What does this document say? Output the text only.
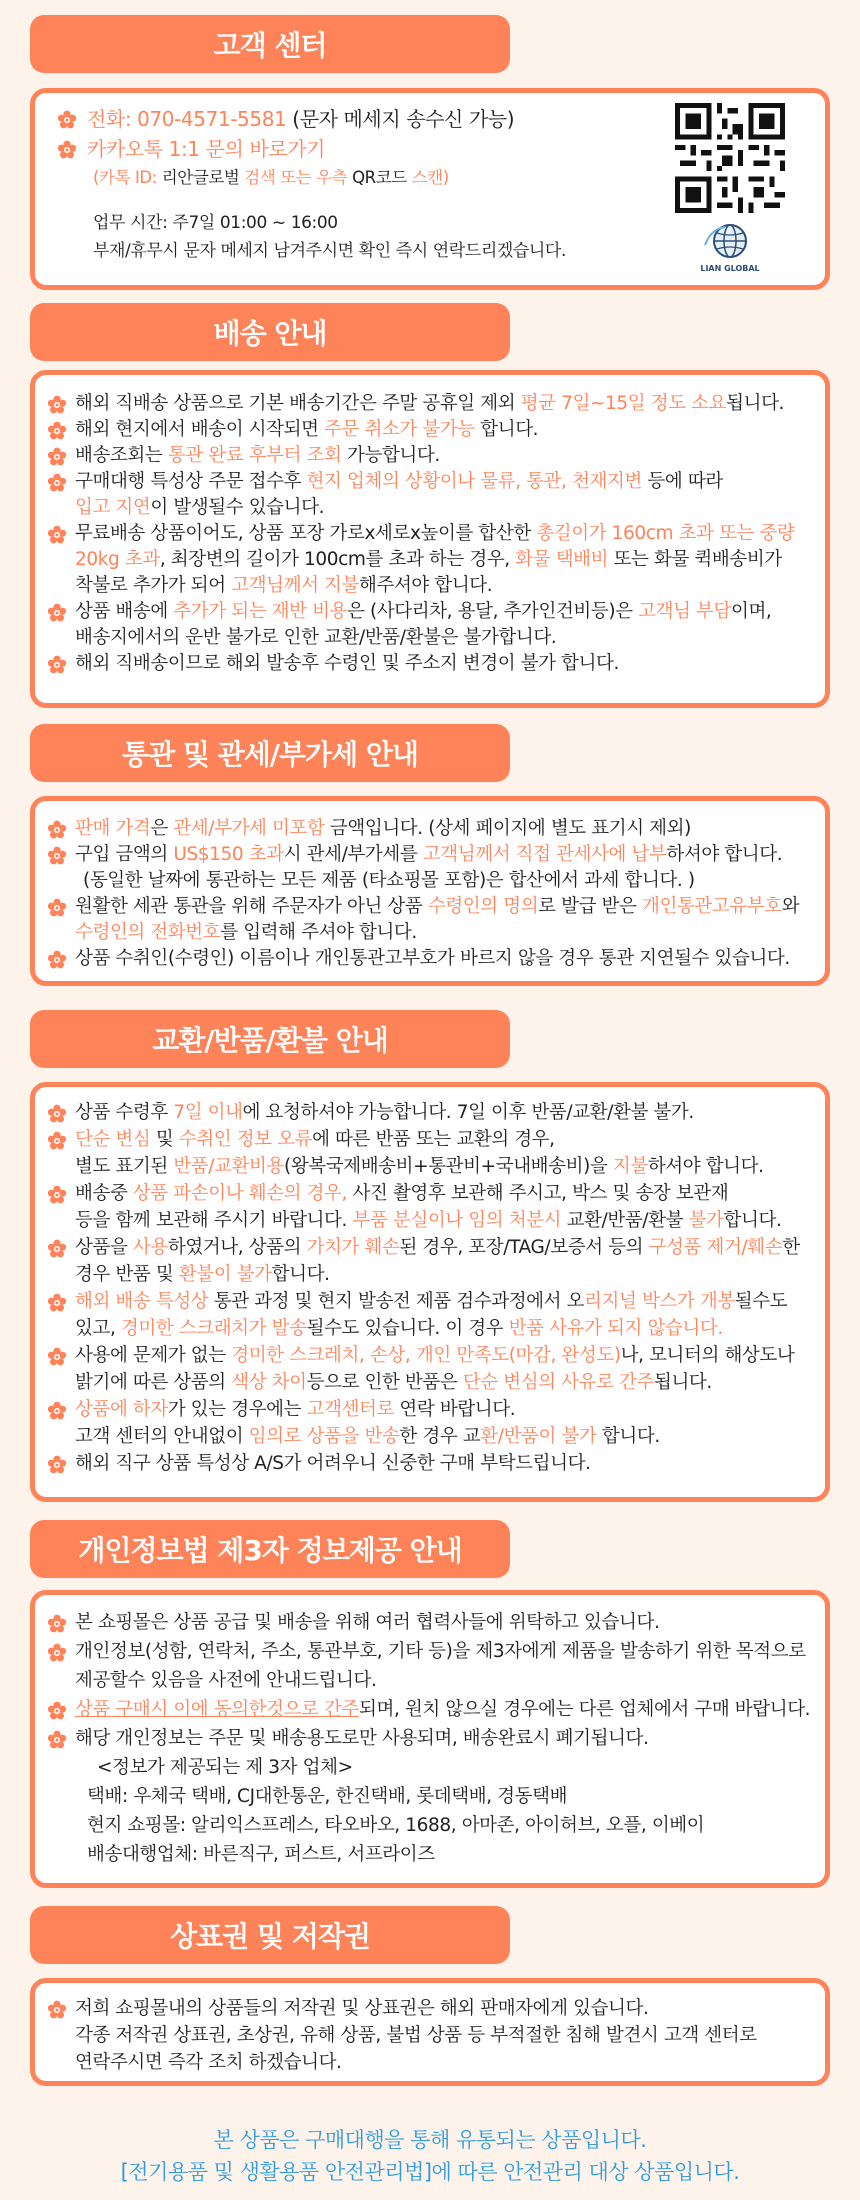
고객 센터
전화: 070-4571-5581 (문자 메세지 송수신 가능)
카카오톡 1:1 문의 바로가기
(카톡 ID: 리안글로벌 검색 또는 우측 QR코드 스캔)
업무 시간: 주7일 01:00 ~ 16:00
부재/휴무시 문자 메세지 남겨주시면 확인 즉시 연락드리겠습니다.
LIAN GLOBAL
배송 안내
해외 직배송 상품으로 기본 배송기간은 주말 공휴일 제외 평균 7일~15일 정도 소요됩니다.
해외 현지에서 배송이 시작되면 주문 취소가 불가능 합니다.
배송조회는 통관 완료 후부터 조회 가능합니다.
구매대행 특성상 주문 접수후 현지 업체의 상황이나 물류, 통관, 천재지변 등에 따라
입고 지연이 발생될수 있습니다.
무료배송 상품이어도, 상품 포장 가로x세로x높이를 합산한 총길이가 160cm 초과 또는 중량
20kg 초과, 최장변의 길이가 100cm를 초과 하는 경우, 화물 택배비 또는 화물 퀵배송비가
착불로 추가가 되어 고객님께서 지불해주셔야 합니다.
상품 배송에 추가가 되는 재반 비용은 (사다리차, 용달, 추가인건비등)은 고객님 부담이며,
배송지에서의 운반 불가로 인한 교환/반품/환불은 불가합니다.
해외 직배송이므로 해외 발송후 수령인 및 주소지 변경이 불가 합니다.
통관 및 관세/부가세 안내
판매 가격은 관세/부가세 미포함 금액입니다. (상세 페이지에 별도 표기시 제외)
구입 금액의 US$150 초과시 관세/부가세를 고객님께서 직접 관세사에 납부하셔야 합니다.
(동일한 날짜에 통관하는 모든 제품 (타쇼핑몰 포함)은 합산에서 과세 합니다. )
원활한 세관 통관을 위해 주문자가 아닌 상품 수령인의 명의로 발급 받은 개인통관고유부호와
수령인의 전화번호를 입력해 주셔야 합니다.
상품 수취인(수령인) 이름이나 개인통관고부호가 바르지 않을 경우 통관 지연될수 있습니다.
교환/반품/환불 안내
상품 수령후 7일 이내에 요청하셔야 가능합니다. 7일 이후 반품/교환/환불 불가.
단순 변심 및 수취인 정보 오류에 따른 반품 또는 교환의 경우,
별도 표기된 반품/교환비용(왕복국제배송비+통관비+국내배송비)을 지불하셔야 합니다.
배송중 상품 파손이나 훼손의 경우, 사진 촬영후 보관해 주시고, 박스 및 송장 보관재
등을 함께 보관해 주시기 바랍니다. 부품 분실이나 임의 처분시 교환/반품/환불 불가합니다.
상품을 사용하였거나, 상품의 가치가 훼손된 경우, 포장/TAG/보증서 등의 구성품 제거/훼손한
경우 반품 및 환불이 불가합니다.
해외 배송 특성상 통관 과정 및 현지 발송전 제품 검수과정에서 오리지널 박스가 개봉될수도
있고, 경미한 스크래치가 발송될수도 있습니다. 이 경우 반품 사유가 되지 않습니다.
사용에 문제가 없는 경미한 스크레치, 손상, 개인 만족도(마감, 완성도)나, 모니터의 해상도나
밝기에 따른 상품의 색상 차이등으로 인한 반품은 단순 변심의 사유로 간주됩니다.
상품에 하자가 있는 경우에는 고객센터로 연락 바랍니다.
고객 센터의 안내없이 임의로 상품을 반송한 경우 교환/반품이 불가 합니다.
해외 직구 상품 특성상 A/S가 어려우니 신중한 구매 부탁드립니다.
개인정보법 제3자 정보제공 안내
본 쇼핑몰은 상품 공급 및 배송을 위해 여러 협력사들에 위탁하고 있습니다.
개인정보(성함, 연락처, 주소, 통관부호, 기타 등)을 제3자에게 제품을 발송하기 위한 목적으로
제공할수 있음을 사전에 안내드립니다.
상품 구매시 이에 동의한것으로 간주되며, 원치 않으실 경우에는 다른 업체에서 구매 바랍니다.
해당 개인정보는 주문 및 배송용도로만 사용되며, 배송완료시 폐기됩니다.
<정보가 제공되는 제 3자 업체>
택배: 우체국 택배, CJ대한통운, 한진택배, 롯데택배, 경동택배
현지 쇼핑몰: 알리익스프레스, 타오바오, 1688, 아마존, 아이허브, 오플, 이베이
배송대행업체: 바른직구, 퍼스트, 서프라이즈
상표권 및 저작권
저희 쇼핑몰내의 상품들의 저작권 및 상표권은 해외 판매자에게 있습니다.
각종 저작권 상표권, 초상권, 유해 상품, 불법 상품 등 부적절한 침해 발견시 고객 센터로
연락주시면 즉각 조치 하겠습니다.
본 상품은 구매대행을 통해 유통되는 상품입니다.
[전기용품 및 생활용품 안전관리법]에 따른 안전관리 대상 상품입니다.
